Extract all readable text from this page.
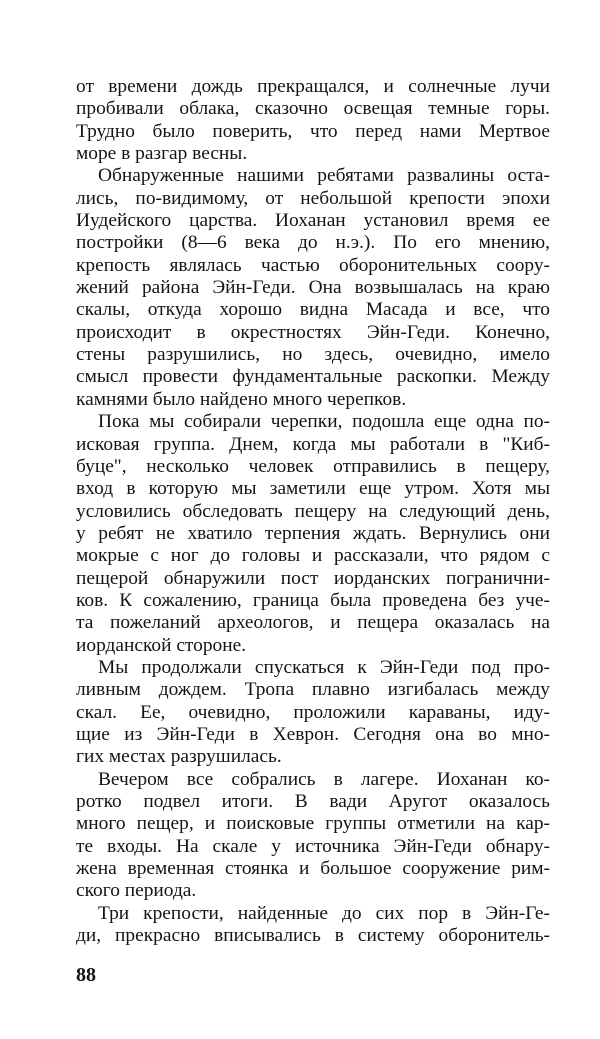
от времени дождь прекращался, и солнечные лучи
пробивали облака, сказочно освещая темные горы.
Трудно было поверить, что перед нами Мертвое
море в разгар весны.
Обнаруженные нашими ребятами развалины оста-
лись, по-видимому, от небольшой крепости эпохи
Иудейского царства. Иоханан установил время ее
постройки (8—6 века до н.э.). По его мнению,
крепость являлась частью оборонительных соору-
жений района Эйн-Геди. Она возвышалась на краю
скалы, откуда хорошо видна Масада и все, что
происходит в окрестностях Эйн-Геди. Конечно,
стены разрушились, но здесь, очевидно, имело
смысл провести фундаментальные раскопки. Между
камнями было найдено много черепков.
Пока мы собирали черепки, подошла еще одна по-
исковая группа. Днем, когда мы работали в "Киб-
буце", несколько человек отправились в пещеру,
вход в которую мы заметили еще утром. Хотя мы
условились обследовать пещеру на следующий день,
у ребят не хватило терпения ждать. Вернулись они
мокрые с ног до головы и рассказали, что рядом с
пещерой обнаружили пост иорданских погранични-
ков. К сожалению, граница была проведена без уче-
та пожеланий археологов, и пещера оказалась на
иорданской стороне.
Мы продолжали спускаться к Эйн-Геди под про-
ливным дождем. Тропа плавно изгибалась между
скал. Ее, очевидно, проложили караваны, иду-
щие из Эйн-Геди в Хеврон. Сегодня она во мно-
гих местах разрушилась.
Вечером все собрались в лагере. Иоханан ко-
ротко подвел итоги. В вади Аругот оказалось
много пещер, и поисковые группы отметили на кар-
те входы. На скале у источника Эйн-Геди обнару-
жена временная стоянка и большое сооружение рим-
ского периода.
Три крепости, найденные до сих пор в Эйн-Ге-
ди, прекрасно вписывались в систему оборонитель-
88
